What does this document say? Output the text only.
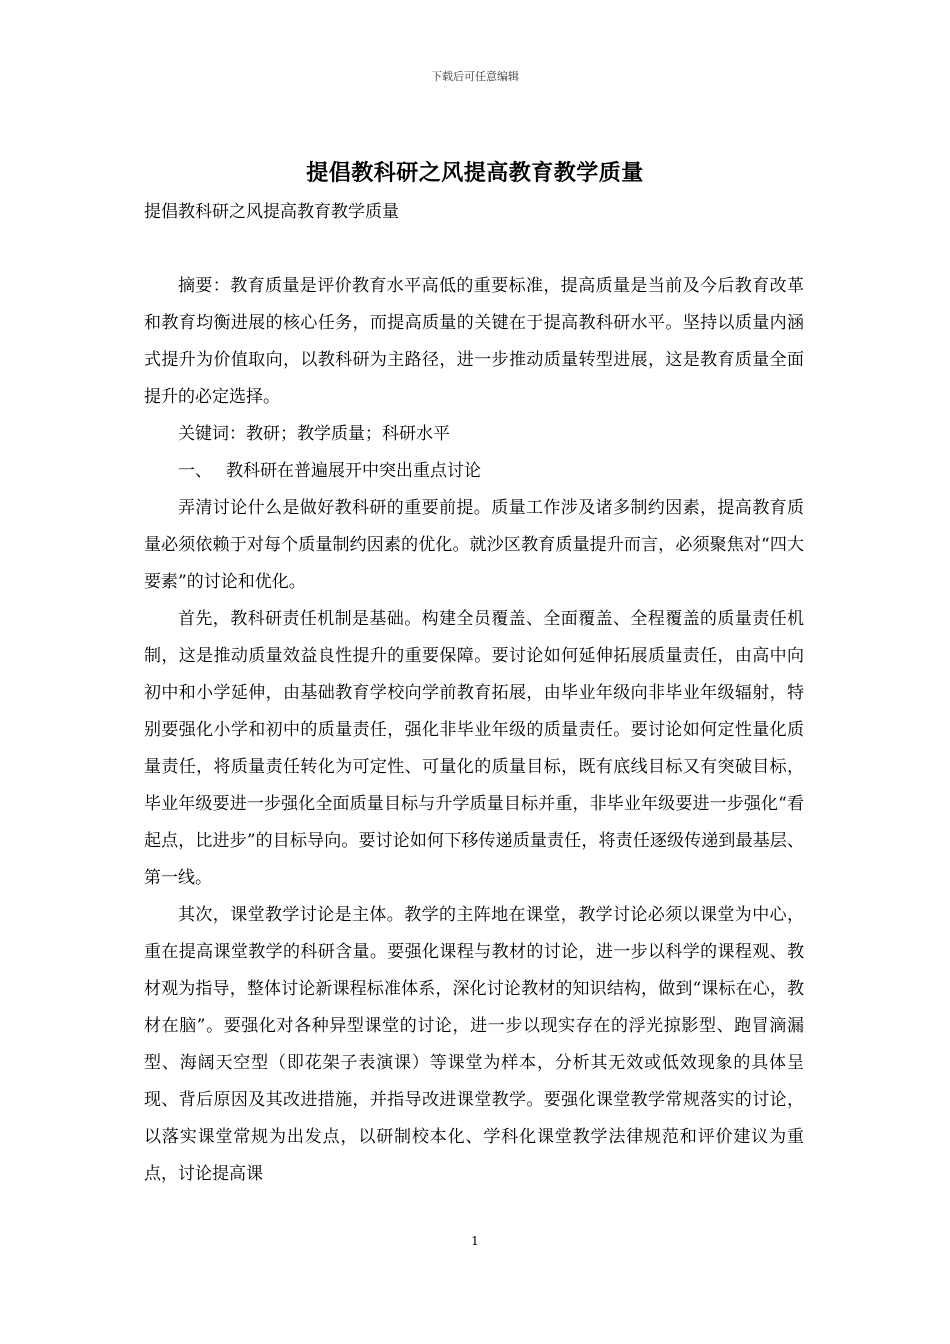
下载后可任意编辑
提倡教科研之风提高教育教学质量
提倡教科研之风提高教育教学质量

摘要：教育质量是评价教育水平高低的重要标准，提高质量是当前及今后教育改革和教育均衡进展的核心任务，而提高质量的关键在于提高教科研水平。坚持以质量内涵式提升为价值取向，以教科研为主路径，进一步推动质量转型进展，这是教育质量全面提升的必定选择。

关键词：教研；教学质量；科研水平

一、 教科研在普遍展开中突出重点讨论

弄清讨论什么是做好教科研的重要前提。质量工作涉及诸多制约因素，提高教育质量必须依赖于对每个质量制约因素的优化。就沙区教育质量提升而言，必须聚焦对“四大要素”的讨论和优化。

首先，教科研责任机制是基础。构建全员覆盖、全面覆盖、全程覆盖的质量责任机制，这是推动质量效益良性提升的重要保障。要讨论如何延伸拓展质量责任，由高中向初中和小学延伸，由基础教育学校向学前教育拓展，由毕业年级向非毕业年级辐射，特别要强化小学和初中的质量责任，强化非毕业年级的质量责任。要讨论如何定性量化质量责任，将质量责任转化为可定性、可量化的质量目标，既有底线目标又有突破目标，毕业年级要进一步强化全面质量目标与升学质量目标并重，非毕业年级要进一步强化“看起点，比进步”的目标导向。要讨论如何下移传递质量责任，将责任逐级传递到最基层、第一线。

其次，课堂教学讨论是主体。教学的主阵地在课堂，教学讨论必须以课堂为中心，重在提高课堂教学的科研含量。要强化课程与教材的讨论，进一步以科学的课程观、教材观为指导，整体讨论新课程标准体系，深化讨论教材的知识结构，做到“课标在心，教材在脑”。要强化对各种异型课堂的讨论，进一步以现实存在的浮光掠影型、跑冒滴漏型、海阔天空型（即花架子表演课）等课堂为样本，分析其无效或低效现象的具体呈现、背后原因及其改进措施，并指导改进课堂教学。要强化课堂教学常规落实的讨论，以落实课堂常规为出发点，以研制校本化、学科化课堂教学法律规范和评价建议为重点，讨论提高课

1
